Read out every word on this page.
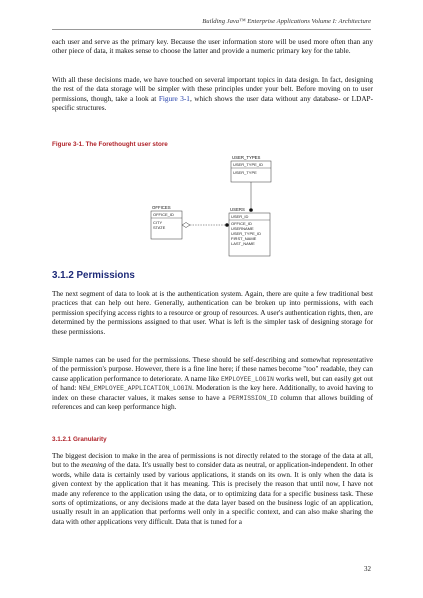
Building Java™ Enterprise Applications Volume I: Architecture

each user and serve as the primary key. Because the user information store will be used more often than any other piece of data, it makes sense to choose the latter and provide a numeric primary key for the table.

With all these decisions made, we have touched on several important topics in data design. In fact, designing the rest of the data storage will be simpler with these principles under your belt. Before moving on to user permissions, though, take a look at Figure 3-1, which shows the user data without any database- or LDAP-specific structures.

Figure 3-1. The Forethought user store
USER_TYPES
USER_TYPE_ID
USER_TYPE
OFFICES
OFFICE_ID
CITY
STATE
USERS
USER_ID
OFFICE_ID
USERNAME
USER_TYPE_ID
FIRST_NAME
LAST_NAME
3.1.2 Permissions

The next segment of data to look at is the authentication system. Again, there are quite a few traditional best practices that can help out here. Generally, authentication can be broken up into permissions, with each permission specifying access rights to a resource or group of resources. A user's authentication rights, then, are determined by the permissions assigned to that user. What is left is the simpler task of designing storage for these permissions.

Simple names can be used for the permissions. These should be self-describing and somewhat representative of the permission's purpose. However, there is a fine line here; if these names become "too" readable, they can cause application performance to deteriorate. A name like EMPLOYEE_LOGIN works well, but can easily get out of hand: NEW_EMPLOYEE_APPLICATION_LOGIN. Moderation is the key here. Additionally, to avoid having to index on these character values, it makes sense to have a PERMISSION_ID column that allows building of references and can keep performance high.

3.1.2.1 Granularity

The biggest decision to make in the area of permissions is not directly related to the storage of the data at all, but to the meaning of the data. It's usually best to consider data as neutral, or application-independent. In other words, while data is certainly used by various applications, it stands on its own. It is only when the data is given context by the application that it has meaning. This is precisely the reason that until now, I have not made any reference to the application using the data, or to optimizing data for a specific business task. These sorts of optimizations, or any decisions made at the data layer based on the business logic of an application, usually result in an application that performs well only in a specific context, and can also make sharing the data with other applications very difficult. Data that is tuned for a

32
